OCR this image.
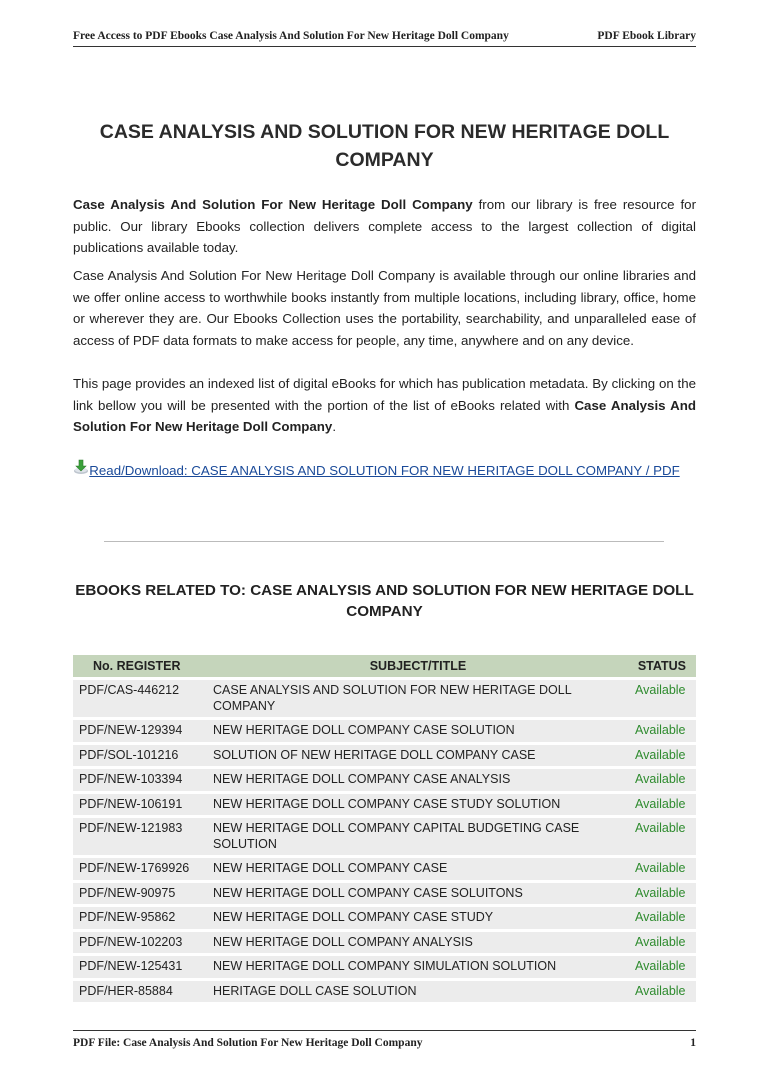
Free Access to PDF Ebooks Case Analysis And Solution For New Heritage Doll Company	PDF Ebook Library
CASE ANALYSIS AND SOLUTION FOR NEW HERITAGE DOLL COMPANY

Case Analysis And Solution For New Heritage Doll Company from our library is free resource for public. Our library Ebooks collection delivers complete access to the largest collection of digital publications available today.

Case Analysis And Solution For New Heritage Doll Company is available through our online libraries and we offer online access to worthwhile books instantly from multiple locations, including library, office, home or wherever they are. Our Ebooks Collection uses the portability, searchability, and unparalleled ease of access of PDF data formats to make access for people, any time, anywhere and on any device.

This page provides an indexed list of digital eBooks for which has publication metadata. By clicking on the link bellow you will be presented with the portion of the list of eBooks related with Case Analysis And Solution For New Heritage Doll Company.

Read/Download: CASE ANALYSIS AND SOLUTION FOR NEW HERITAGE DOLL COMPANY / PDF
EBOOKS RELATED TO: CASE ANALYSIS AND SOLUTION FOR NEW HERITAGE DOLL COMPANY
No. REGISTER	SUBJECT/TITLE	STATUS
PDF/CAS-446212	CASE ANALYSIS AND SOLUTION FOR NEW HERITAGE DOLL COMPANY	Available
PDF/NEW-129394	NEW HERITAGE DOLL COMPANY CASE SOLUTION	Available
PDF/SOL-101216	SOLUTION OF NEW HERITAGE DOLL COMPANY CASE	Available
PDF/NEW-103394	NEW HERITAGE DOLL COMPANY CASE ANALYSIS	Available
PDF/NEW-106191	NEW HERITAGE DOLL COMPANY CASE STUDY SOLUTION	Available
PDF/NEW-121983	NEW HERITAGE DOLL COMPANY CAPITAL BUDGETING CASE SOLUTION	Available
PDF/NEW-1769926	NEW HERITAGE DOLL COMPANY CASE	Available
PDF/NEW-90975	NEW HERITAGE DOLL COMPANY CASE SOLUITONS	Available
PDF/NEW-95862	NEW HERITAGE DOLL COMPANY CASE STUDY	Available
PDF/NEW-102203	NEW HERITAGE DOLL COMPANY ANALYSIS	Available
PDF/NEW-125431	NEW HERITAGE DOLL COMPANY SIMULATION SOLUTION	Available
PDF/HER-85884	HERITAGE DOLL CASE SOLUTION	Available
PDF File: Case Analysis And Solution For New Heritage Doll Company	1
